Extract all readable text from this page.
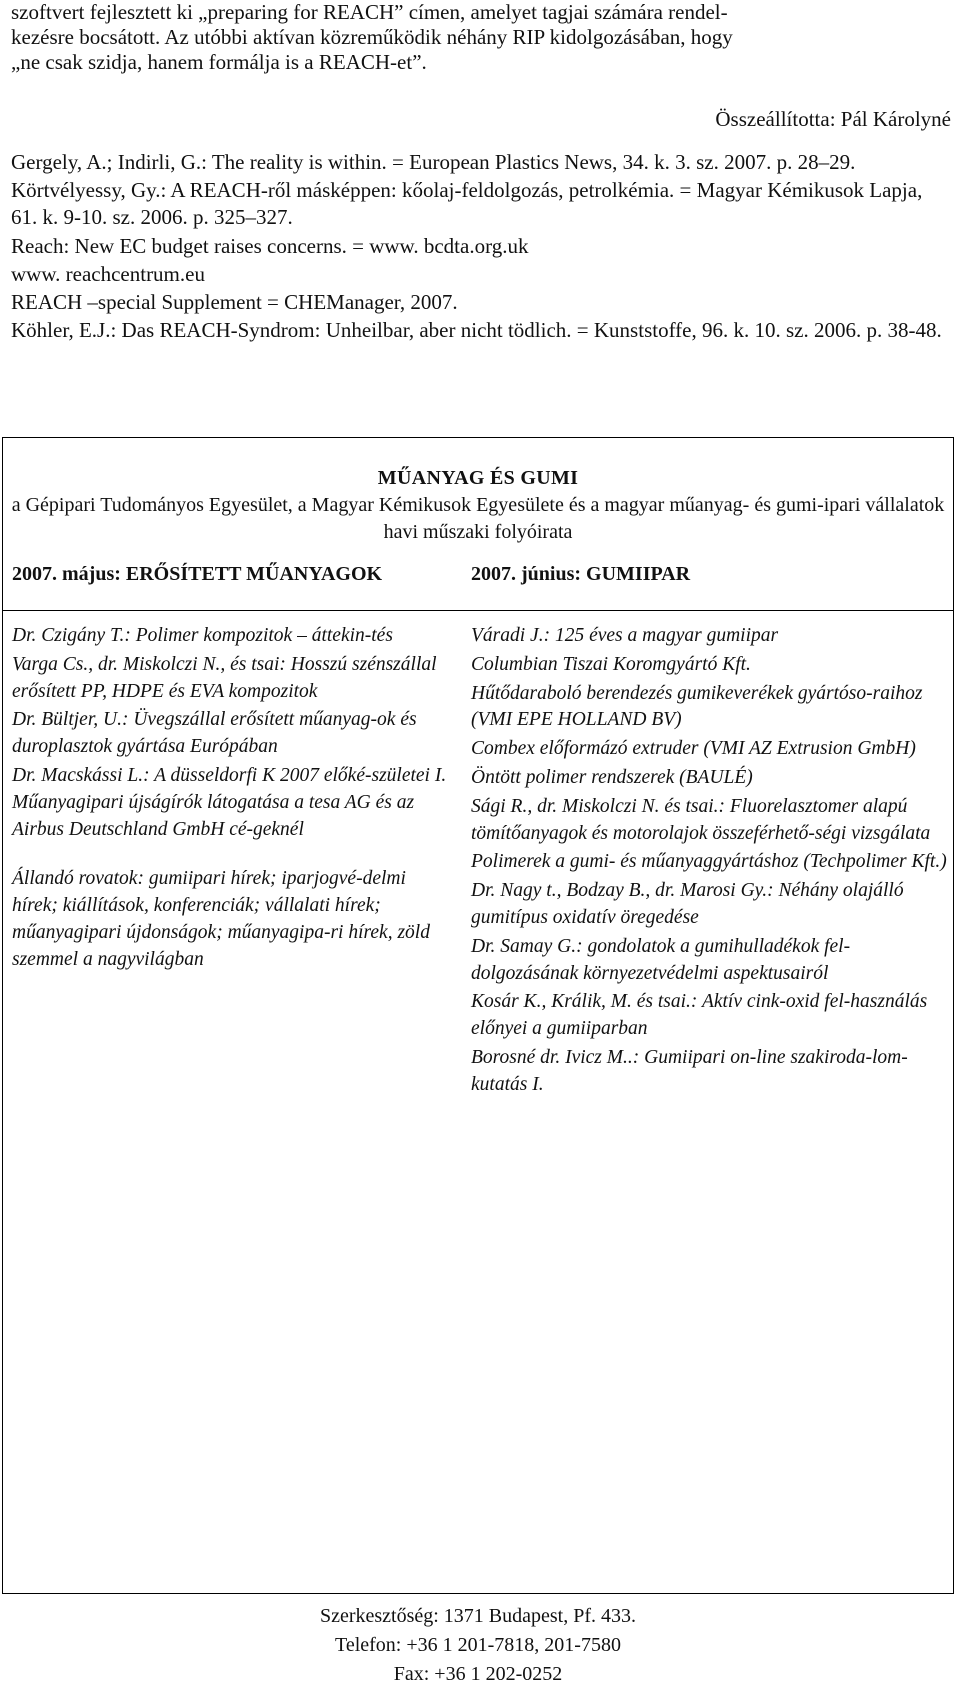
szoftvert fejlesztett ki „preparing for REACH” címen, amelyet tagjai számára rendel-

kezésre bocsátott. Az utóbbi aktívan közreműködik néhány RIP kidolgozásában, hogy

„ne csak szidja, hanem formálja is a REACH-et”.

Összeállította: Pál Károlyné

Gergely, A.; Indirli, G.: The reality is within. = European Plastics News, 34. k. 3. sz. 2007. p. 28–29.

Körtvélyessy, Gy.: A REACH-ről másképpen: kőolaj-feldolgozás, petrolkémia. = Magyar Kémikusok Lapja, 61. k. 9-10. sz. 2006. p. 325–327.

Reach: New EC budget raises concerns. = www. bcdta.org.uk

www. reachcentrum.eu

REACH –special Supplement = CHEManager, 2007.

Köhler, E.J.: Das REACH-Syndrom: Unheilbar, aber nicht tödlich. = Kunststoffe, 96. k. 10. sz. 2006. p. 38-48.

MŰANYAG ÉS GUMI
a Gépipari Tudományos Egyesület, a Magyar Kémikusok Egyesülete és a magyar műanyag- és gumi-ipari vállalatok havi műszaki folyóirata
2007. május: ERŐSÍTETT MŰANYAGOK	2007. június: GUMIIPAR

Dr. Czigány T.: Polimer kompozitok – áttekin-tés

Varga Cs., dr. Miskolczi N., és tsai: Hosszú szénszállal erősített PP, HDPE és EVA kompozitok

Dr. Bültjer, U.: Üvegszállal erősített műanyag-ok és duroplasztok gyártása Európában

Dr. Macskássi L.: A düsseldorfi K 2007 előké-születei I. Műanyagipari újságírók látogatása a tesa AG és az Airbus Deutschland GmbH cé-geknél

Állandó rovatok: gumiipari hírek; iparjogvé-delmi hírek; kiállítások, konferenciák; vállalati hírek; műanyagipari újdonságok; műanyagipa-ri hírek, zöld szemmel a nagyvilágban

Váradi J.: 125 éves a magyar gumiipar

Columbian Tiszai Koromgyártó Kft.

Hűtődaraboló berendezés gumikeverékek gyártóso-raihoz (VMI EPE HOLLAND BV)

Combex előformázó extruder (VMI AZ Extrusion GmbH)

Öntött polimer rendszerek (BAULÉ)

Sági R., dr. Miskolczi N. és tsai.: Fluorelasztomer alapú tömítőanyagok és motorolajok összeférhető-ségi vizsgálata

Polimerek a gumi- és műanyaggyártáshoz (Techpolimer Kft.)

Dr. Nagy t., Bodzay B., dr. Marosi Gy.: Néhány olajálló gumitípus oxidatív öregedése

Dr. Samay G.: gondolatok a gumihulladékok fel-dolgozásának környezetvédelmi aspektusairól

Kosár K., Králik, M. és tsai.: Aktív cink-oxid fel-használás előnyei a gumiiparban

Borosné dr. Ivicz M..: Gumiipari on-line szakiroda-lom-kutatás I.

Szerkesztőség: 1371 Budapest, Pf. 433.
Telefon: +36 1 201-7818, 201-7580
Fax: +36 1 202-0252
